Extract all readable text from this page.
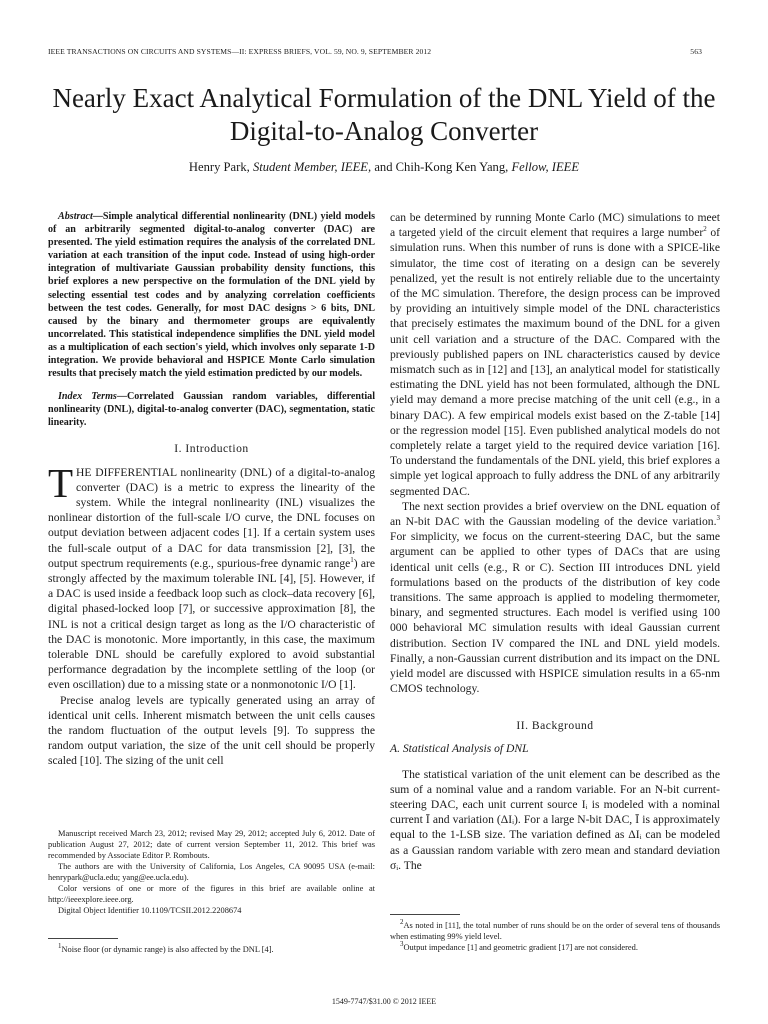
IEEE TRANSACTIONS ON CIRCUITS AND SYSTEMS—II: EXPRESS BRIEFS, VOL. 59, NO. 9, SEPTEMBER 2012	563
Nearly Exact Analytical Formulation of the DNL Yield of the Digital-to-Analog Converter
Henry Park, Student Member, IEEE, and Chih-Kong Ken Yang, Fellow, IEEE

Abstract—Simple analytical differential nonlinearity (DNL) yield models of an arbitrarily segmented digital-to-analog converter (DAC) are presented. The yield estimation requires the analysis of the correlated DNL variation at each transition of the input code. Instead of using high-order integration of multivariate Gaussian probability density functions, this brief explores a new perspective on the formulation of the DNL yield by selecting essential test codes and by analyzing correlation coefficients between the test codes. Generally, for most DAC designs > 6 bits, DNL caused by the binary and thermometer groups are equivalently uncorrelated. This statistical independence simplifies the DNL yield model as a multiplication of each section's yield, which involves only separate 1-D integration. We provide behavioral and HSPICE Monte Carlo simulation results that precisely match the yield estimation predicted by our models.

Index Terms—Correlated Gaussian random variables, differential nonlinearity (DNL), digital-to-analog converter (DAC), segmentation, static linearity.

I. Introduction

THE DIFFERENTIAL nonlinearity (DNL) of a digital-to-analog converter (DAC) is a metric to express the linearity of the system. While the integral nonlinearity (INL) visualizes the nonlinear distortion of the full-scale I/O curve, the DNL focuses on output deviation between adjacent codes [1]. If a certain system uses the full-scale output of a DAC for data transmission [2], [3], the output spectrum requirements (e.g., spurious-free dynamic range$^1$) are strongly affected by the maximum tolerable INL [4], [5]. However, if a DAC is used inside a feedback loop such as clock–data recovery [6], digital phased-locked loop [7], or successive approximation [8], the INL is not a critical design target as long as the I/O characteristic of the DAC is monotonic. More importantly, in this case, the maximum tolerable DNL should be carefully explored to avoid substantial performance degradation by the incomplete settling of the loop (or even oscillation) due to a missing state or a nonmonotonic I/O [1].

Precise analog levels are typically generated using an array of identical unit cells. Inherent mismatch between the unit cells causes the random fluctuation of the output levels [9]. To suppress the random output variation, the size of the unit cell should be properly scaled [10]. The sizing of the unit cell

can be determined by running Monte Carlo (MC) simulations to meet a targeted yield of the circuit element that requires a large number$^2$ of simulation runs. When this number of runs is done with a SPICE-like simulator, the time cost of iterating on a design can be severely penalized, yet the result is not entirely reliable due to the uncertainty of the MC simulation. Therefore, the design process can be improved by providing an intuitively simple model of the DNL characteristics that precisely estimates the maximum bound of the DNL for a given unit cell variation and a structure of the DAC. Compared with the previously published papers on INL characteristics caused by device mismatch such as in [12] and [13], an analytical model for statistically estimating the DNL yield has not been formulated, although the DNL yield may demand a more precise matching of the unit cell (e.g., in a binary DAC). A few empirical models exist based on the Z-table [14] or the regression model [15]. Even published analytical models do not completely relate a target yield to the required device variation [16]. To understand the fundamentals of the DNL yield, this brief explores a simple yet logical approach to fully address the DNL of any arbitrarily segmented DAC.

The next section provides a brief overview on the DNL equation of an N-bit DAC with the Gaussian modeling of the device variation.$^3$ For simplicity, we focus on the current-steering DAC, but the same argument can be applied to other types of DACs that are using identical unit cells (e.g., R or C). Section III introduces DNL yield formulations based on the products of the distribution of key code transitions. The same approach is applied to modeling thermometer, binary, and segmented structures. Each model is verified using 100 000 behavioral MC simulation results with ideal Gaussian current distribution. Section IV compared the INL and DNL yield models. Finally, a non-Gaussian current distribution and its impact on the DNL yield model are discussed with HSPICE simulation results in a 65-nm CMOS technology.

II. Background
A. Statistical Analysis of DNL

The statistical variation of the unit element can be described as the sum of a nominal value and a random variable. For an N-bit current-steering DAC, each unit current source Iᵢ is modeled with a nominal current Ī and variation (ΔIᵢ). For a large N-bit DAC, Ī is approximately equal to the 1-LSB size. The variation defined as ΔIᵢ can be modeled as a Gaussian random variable with zero mean and standard deviation σᵢ. The

Manuscript received March 23, 2012; revised May 29, 2012; accepted July 6, 2012. Date of publication August 27, 2012; date of current version September 11, 2012. This brief was recommended by Associate Editor P. Rombouts.

The authors are with the University of California, Los Angeles, CA 90095 USA (e-mail: henrypark@ucla.edu; yang@ee.ucla.edu).

Color versions of one or more of the figures in this brief are available online at http://ieeexplore.ieee.org.

Digital Object Identifier 10.1109/TCSII.2012.2208674

$^1$Noise floor (or dynamic range) is also affected by the DNL [4].

$^2$As noted in [11], the total number of runs should be on the order of several tens of thousands when estimating 99% yield level.

$^3$Output impedance [1] and geometric gradient [17] are not considered.

1549-7747/$31.00 © 2012 IEEE
